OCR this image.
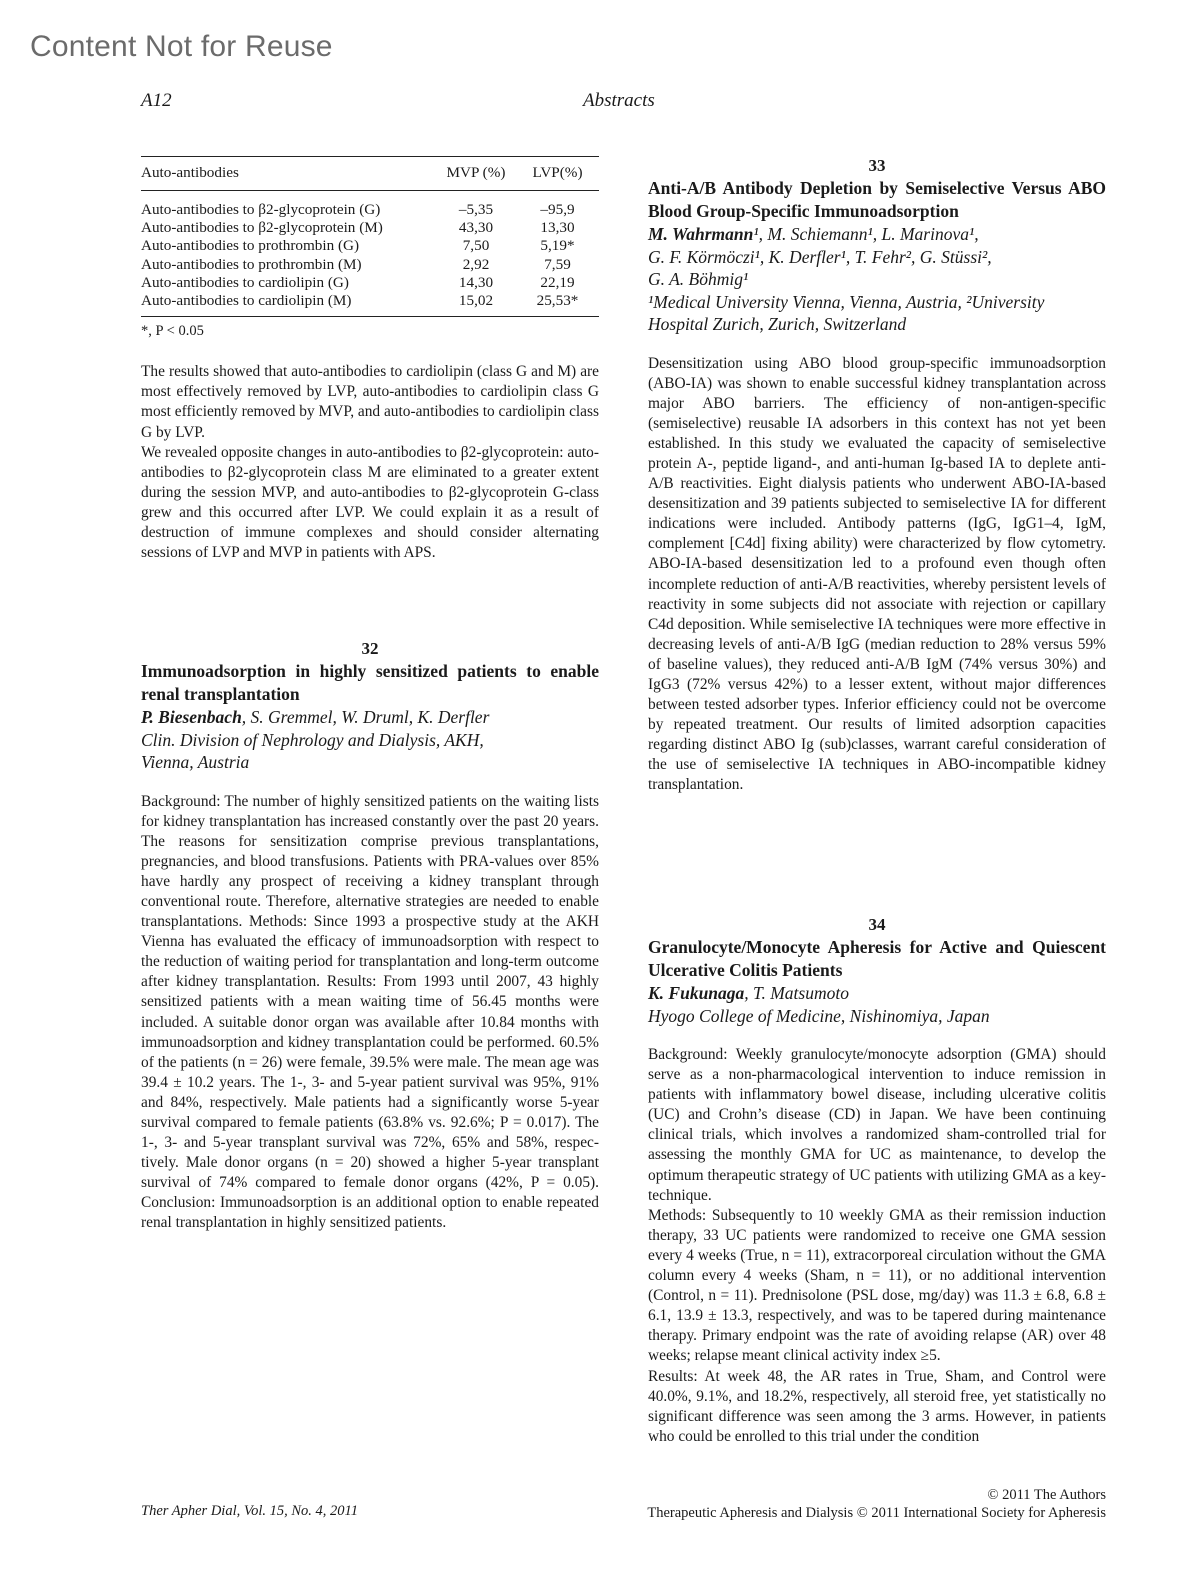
Content Not for Reuse
A12	Abstracts
Auto-antibodies	MVP (%)	LVP(%)
Auto-antibodies to β2-glycoprotein (G)	–5,35	–95,9
Auto-antibodies to β2-glycoprotein (M)	43,30	13,30
Auto-antibodies to prothrombin (G)	7,50	5,19*
Auto-antibodies to prothrombin (M)	2,92	7,59
Auto-antibodies to cardiolipin (G)	14,30	22,19
Auto-antibodies to cardiolipin (M)	15,02	25,53*
*, P < 0.05

The results showed that auto-antibodies to cardiolipin (class G and M) are most effectively removed by LVP, auto-antibodies to cardiolipin class G most efficiently removed by MVP, and auto-antibodies to cardiolipin class G by LVP.

We revealed opposite changes in auto-antibodies to β2-glycoprotein: auto-antibodies to β2-glycoprotein class M are eliminated to a greater extent during the session MVP, and auto-antibodies to β2-glycoprotein G-class grew and this occurred after LVP. We could explain it as a result of destruction of immune complexes and should consider alternating sessions of LVP and MVP in patients with APS.

32
Immunoadsorption in highly sensitized patients to enable renal transplantation
P. Biesenbach, S. Gremmel, W. Druml, K. Derfler
Clin. Division of Nephrology and Dialysis, AKH,
Vienna, Austria
Background: The number of highly sensitized patients on the waiting lists for kidney transplantation has increased constantly over the past 20 years. The reasons for sensitization comprise previous transplantations, pregnancies, and blood transfusions. Patients with PRA-values over 85% have hardly any prospect of receiving a kidney transplant through conventional route. Therefore, alternative strategies are needed to enable transplantations. Methods: Since 1993 a prospective study at the AKH Vienna has evaluated the efficacy of immunoadsorption with respect to the reduction of waiting period for transplantation and long-term outcome after kidney transplantation. Results: From 1993 until 2007, 43 highly sensitized patients with a mean waiting time of 56.45 months were included. A suitable donor organ was available after 10.84 months with immunoadsorption and kidney transplantation could be performed. 60.5% of the patients (n = 26) were female, 39.5% were male. The mean age was 39.4 ± 10.2 years. The 1-, 3- and 5-year patient survival was 95%, 91% and 84%, respectively. Male patients had a significantly worse 5-year survival compared to female patients (63.8% vs. 92.6%; P = 0.017). The 1-, 3- and 5-year transplant survival was 72%, 65% and 58%, respectively. Male donor organs (n = 20) showed a higher 5-year transplant survival of 74% compared to female donor organs (42%, P = 0.05). Conclusion: Immunoadsorption is an additional option to enable repeated renal transplantation in highly sensitized patients.
33
Anti-A/B Antibody Depletion by Semiselective Versus ABO Blood Group-Specific Immunoadsorption
M. Wahrmann¹, M. Schiemann¹, L. Marinova¹,
G. F. Körmöczi¹, K. Derfler¹, T. Fehr², G. Stüssi²,
G. A. Böhmig¹
¹Medical University Vienna, Vienna, Austria, ²University
Hospital Zurich, Zurich, Switzerland
Desensitization using ABO blood group-specific immunoadsorption (ABO-IA) was shown to enable successful kidney transplantation across major ABO barriers. The efficiency of non-antigen-specific (semiselective) reusable IA adsorbers in this context has not yet been established. In this study we evaluated the capacity of semiselective protein A-, peptide ligand-, and anti-human Ig-based IA to deplete anti-A/B reactivities. Eight dialysis patients who underwent ABO-IA-based desensitization and 39 patients subjected to semiselective IA for different indications were included. Antibody patterns (IgG, IgG1–4, IgM, complement [C4d] fixing ability) were characterized by flow cytometry. ABO-IA-based desensitization led to a profound even though often incomplete reduction of anti-A/B reactivities, whereby persistent levels of reactivity in some subjects did not associate with rejection or capillary C4d deposition. While semiselective IA techniques were more effective in decreasing levels of anti-A/B IgG (median reduction to 28% versus 59% of baseline values), they reduced anti-A/B IgM (74% versus 30%) and IgG3 (72% versus 42%) to a lesser extent, without major differences between tested adsorber types. Inferior efficiency could not be overcome by repeated treatment. Our results of limited adsorption capacities regarding distinct ABO Ig (sub)classes, warrant careful consideration of the use of semiselective IA techniques in ABO-incompatible kidney transplantation.
34
Granulocyte/Monocyte Apheresis for Active and Quiescent Ulcerative Colitis Patients
K. Fukunaga, T. Matsumoto
Hyogo College of Medicine, Nishinomiya, Japan

Background: Weekly granulocyte/monocyte adsorption (GMA) should serve as a non-pharmacological intervention to induce remission in patients with inflammatory bowel disease, including ulcerative colitis (UC) and Crohn’s disease (CD) in Japan. We have been continuing clinical trials, which involves a randomized sham-controlled trial for assessing the monthly GMA for UC as maintenance, to develop the optimum therapeutic strategy of UC patients with utilizing GMA as a key-technique.

Methods: Subsequently to 10 weekly GMA as their remission induction therapy, 33 UC patients were randomized to receive one GMA session every 4 weeks (True, n = 11), extracorporeal circulation without the GMA column every 4 weeks (Sham, n = 11), or no additional intervention (Control, n = 11). Prednisolone (PSL dose, mg/day) was 11.3 ± 6.8, 6.8 ± 6.1, 13.9 ± 13.3, respectively, and was to be tapered during maintenance therapy. Primary endpoint was the rate of avoiding relapse (AR) over 48 weeks; relapse meant clinical activity index ≥5.

Results: At week 48, the AR rates in True, Sham, and Control were 40.0%, 9.1%, and 18.2%, respectively, all steroid free, yet statistically no significant difference was seen among the 3 arms. However, in patients who could be enrolled to this trial under the condition

Ther Apher Dial, Vol. 15, No. 4, 2011
© 2011 The Authors
Therapeutic Apheresis and Dialysis © 2011 International Society for Apheresis
